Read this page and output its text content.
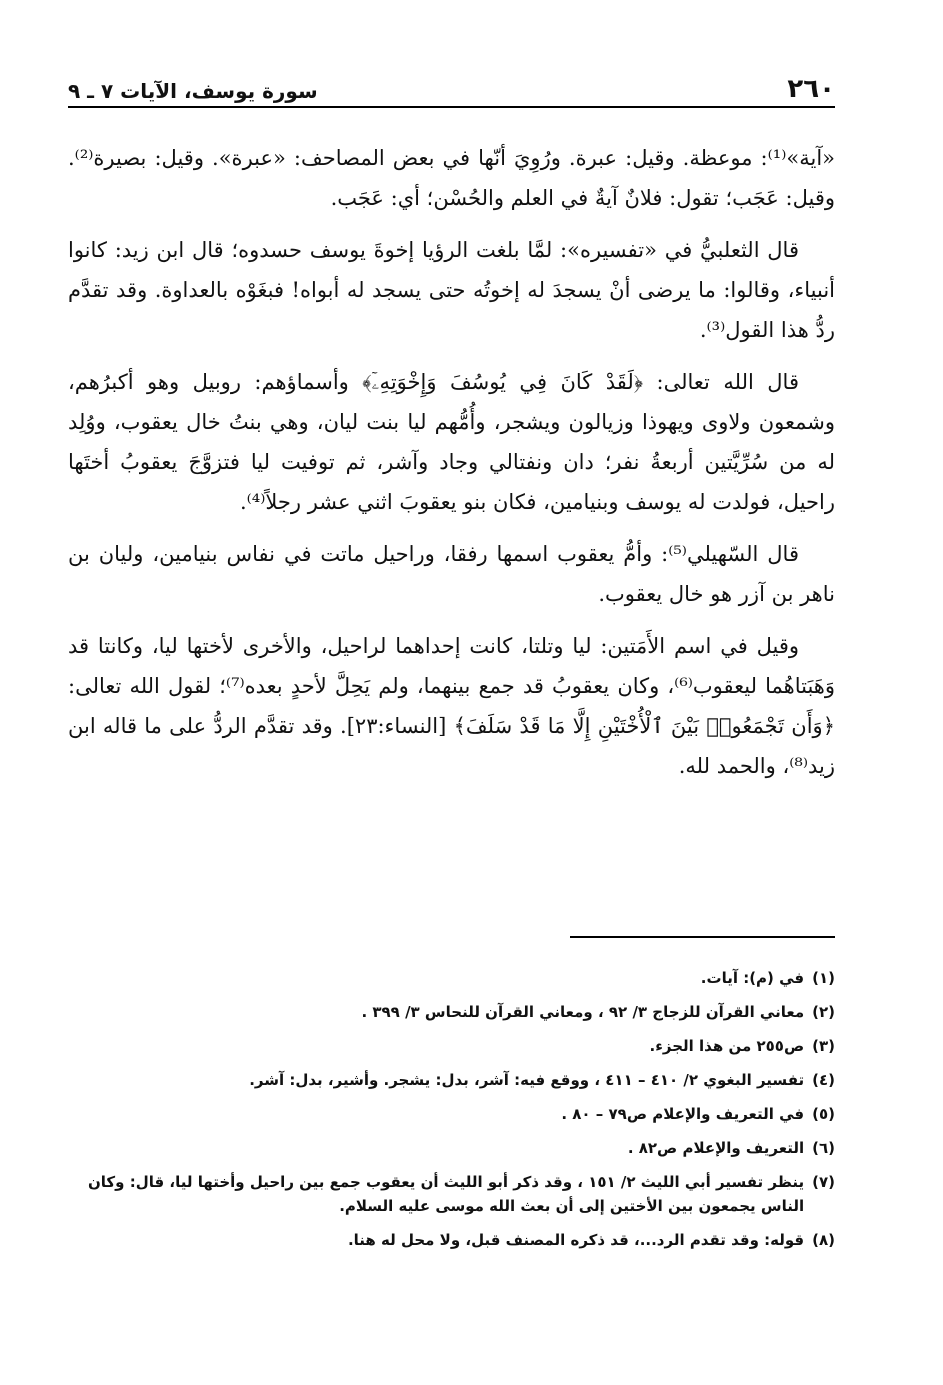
٢٦٠
سورة يوسف، الآيات ٧ ـ ٩

«آية»⁽¹⁾: موعظة. وقيل: عبرة. ورُوِيَ أنّها في بعض المصاحف: «عبرة». وقيل: بصيرة⁽²⁾. وقيل: عَجَب؛ تقول: فلانٌ آيةٌ في العلم والحُسْن؛ أي: عَجَب.

قال الثعلبيُّ في «تفسيره»: لمَّا بلغت الرؤيا إخوةَ يوسف حسدوه؛ قال ابن زيد: كانوا أنبياء، وقالوا: ما يرضى أنْ يسجدَ له إخوتُه حتى يسجد له أبواه! فبغَوْه بالعداوة. وقد تقدَّم ردُّ هذا القول⁽³⁾.

قال الله تعالى: ﴿لَقَدْ كَانَ فِي يُوسُفَ وَإِخْوَتِهِۦٓ﴾ وأسماؤهم: روبيل وهو أكبرُهم، وشمعون ولاوى ويهوذا وزيالون ويشجر، وأُمُّهم ليا بنت ليان، وهي بنتُ خال يعقوب، ووُلِد له من سُرِّيَّتين أربعةُ نفر؛ دان ونفتالي وجاد وآشر، ثم توفيت ليا فتزوَّجَ يعقوبُ أختَها راحيل، فولدت له يوسف وبنيامين، فكان بنو يعقوبَ اثني عشر رجلاً⁽⁴⁾.

قال السّهيلي⁽⁵⁾: وأمُّ يعقوب اسمها رفقا، وراحيل ماتت في نفاس بنيامين، وليان بن ناهر بن آزر هو خال يعقوب.

وقيل في اسم الأَمَتين: ليا وتلتا، كانت إحداهما لراحيل، والأخرى لأختها ليا، وكانتا قد وَهَبَتاهُما ليعقوب⁽⁶⁾، وكان يعقوبُ قد جمع بينهما، ولم يَحِلَّ لأحدٍ بعده⁽⁷⁾؛ لقول الله تعالى: ﴿وَأَن تَجْمَعُوا۟ بَيْنَ ٱلْأُخْتَيْنِ إِلَّا مَا قَدْ سَلَفَ﴾ [النساء:٢٣]. وقد تقدَّم الردُّ على ما قاله ابن زيد⁽⁸⁾، والحمد لله.

(١)
في (م): آيات.
(٢)
معاني القرآن للزجاج ٣/ ٩٢ ، ومعاني القرآن للنحاس ٣/ ٣٩٩ .
(٣)
ص٢٥٥ من هذا الجزء.
(٤)
تفسير البغوي ٢/ ٤١٠ – ٤١١ ، ووقع فيه: آشر، بدل: يشجر. وأشير، بدل: آشر.
(٥)
في التعريف والإعلام ص٧٩ – ٨٠ .
(٦)
التعريف والإعلام ص٨٢ .
(٧)
ينظر تفسير أبي الليث ٢/ ١٥١ ، وقد ذكر أبو الليث أن يعقوب جمع بين راحيل وأختها ليا، قال: وكان الناس يجمعون بين الأختين إلى أن بعث الله موسى عليه السلام.
(٨)
قوله: وقد تقدم الرد...، قد ذكره المصنف قبل، ولا محل له هنا.
